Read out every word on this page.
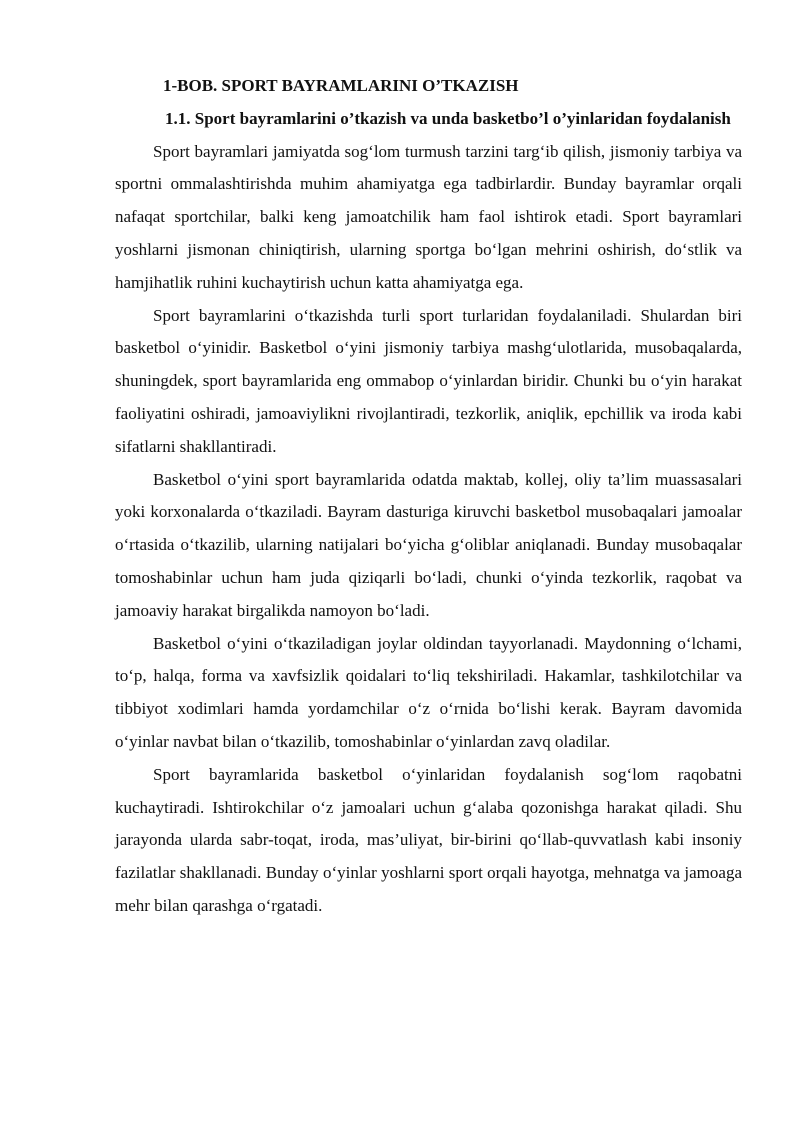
1-BOB. SPORT BAYRAMLARINI O’TKAZISH
1.1. Sport bayramlarini o’tkazish va unda basketbo’l o’yinlaridan foydalanish

Sport bayramlari jamiyatda sog‘lom turmush tarzini targ‘ib qilish, jismoniy tarbiya va sportni ommalashtirishda muhim ahamiyatga ega tadbirlardir. Bunday bayramlar orqali nafaqat sportchilar, balki keng jamoatchilik ham faol ishtirok etadi. Sport bayramlari yoshlarni jismonan chiniqtirish, ularning sportga bo‘lgan mehrini oshirish, do‘stlik va hamjihatlik ruhini kuchaytirish uchun katta ahamiyatga ega.

Sport bayramlarini o‘tkazishda turli sport turlaridan foydalaniladi. Shulardan biri basketbol o‘yinidir. Basketbol o‘yini jismoniy tarbiya mashg‘ulotlarida, musobaqalarda, shuningdek, sport bayramlarida eng ommabop o‘yinlardan biridir. Chunki bu o‘yin harakat faoliyatini oshiradi, jamoaviylikni rivojlantiradi, tezkorlik, aniqlik, epchillik va iroda kabi sifatlarni shakllantiradi.

Basketbol o‘yini sport bayramlarida odatda maktab, kollej, oliy ta’lim muassasalari yoki korxonalarda o‘tkaziladi. Bayram dasturiga kiruvchi basketbol musobaqalari jamoalar o‘rtasida o‘tkazilib, ularning natijalari bo‘yicha g‘oliblar aniqlanadi. Bunday musobaqalar tomoshabinlar uchun ham juda qiziqarli bo‘ladi, chunki o‘yinda tezkorlik, raqobat va jamoaviy harakat birgalikda namoyon bo‘ladi.

Basketbol o‘yini o‘tkaziladigan joylar oldindan tayyorlanadi. Maydonning o‘lchami, to‘p, halqa, forma va xavfsizlik qoidalari to‘liq tekshiriladi. Hakamlar, tashkilotchilar va tibbiyot xodimlari hamda yordamchilar o‘z o‘rnida bo‘lishi kerak. Bayram davomida o‘yinlar navbat bilan o‘tkazilib, tomoshabinlar o‘yinlardan zavq oladilar.

Sport bayramlarida basketbol o‘yinlaridan foydalanish sog‘lom raqobatni kuchaytiradi. Ishtirokchilar o‘z jamoalari uchun g‘alaba qozonishga harakat qiladi. Shu jarayonda ularda sabr-toqat, iroda, mas’uliyat, bir-birini qo‘llab-quvvatlash kabi insoniy fazilatlar shakllanadi. Bunday o‘yinlar yoshlarni sport orqali hayotga, mehnatga va jamoaga mehr bilan qarashga o‘rgatadi.
